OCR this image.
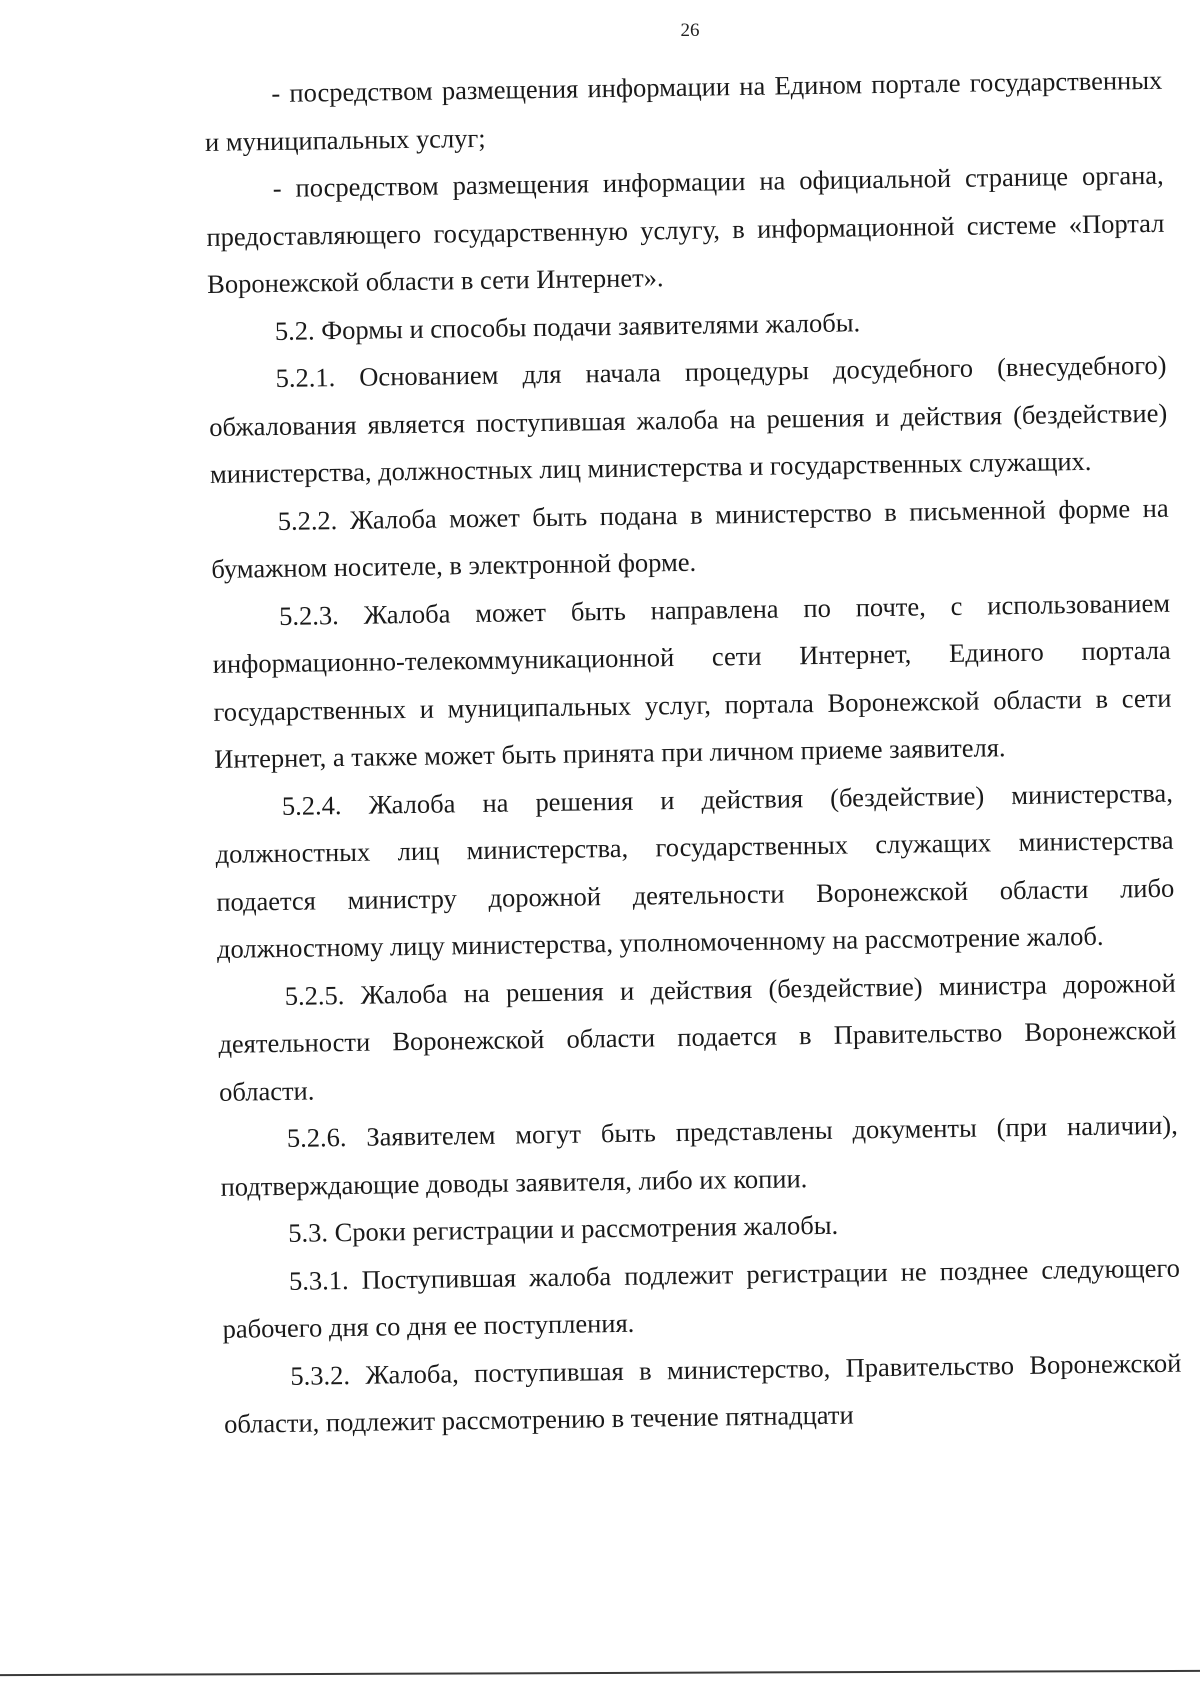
26

- посредством размещения информации на Едином портале государственных и муниципальных услуг;

- посредством размещения информации на официальной странице органа, предоставляющего государственную услугу, в информационной системе «Портал Воронежской области в сети Интернет».

5.2. Формы и способы подачи заявителями жалобы.

5.2.1. Основанием для начала процедуры досудебного (внесудебного) обжалования является поступившая жалоба на решения и действия (бездействие) министерства, должностных лиц министерства и государственных служащих.

5.2.2. Жалоба может быть подана в министерство в письменной форме на бумажном носителе, в электронной форме.

5.2.3. Жалоба может быть направлена по почте, с использованием информационно-телекоммуникационной сети Интернет, Единого портала государственных и муниципальных услуг, портала Воронежской области в сети Интернет, а также может быть принята при личном приеме заявителя.

5.2.4. Жалоба на решения и действия (бездействие) министерства, должностных лиц министерства, государственных служащих министерства подается министру дорожной деятельности Воронежской области либо должностному лицу министерства, уполномоченному на рассмотрение жалоб.

5.2.5. Жалоба на решения и действия (бездействие) министра дорожной деятельности Воронежской области подается в Правительство Воронежской области.

5.2.6. Заявителем могут быть представлены документы (при наличии), подтверждающие доводы заявителя, либо их копии.

5.3. Сроки регистрации и рассмотрения жалобы.

5.3.1. Поступившая жалоба подлежит регистрации не позднее следующего рабочего дня со дня ее поступления.

5.3.2. Жалоба, поступившая в министерство, Правительство Воронежской области, подлежит рассмотрению в течение пятнадцати
